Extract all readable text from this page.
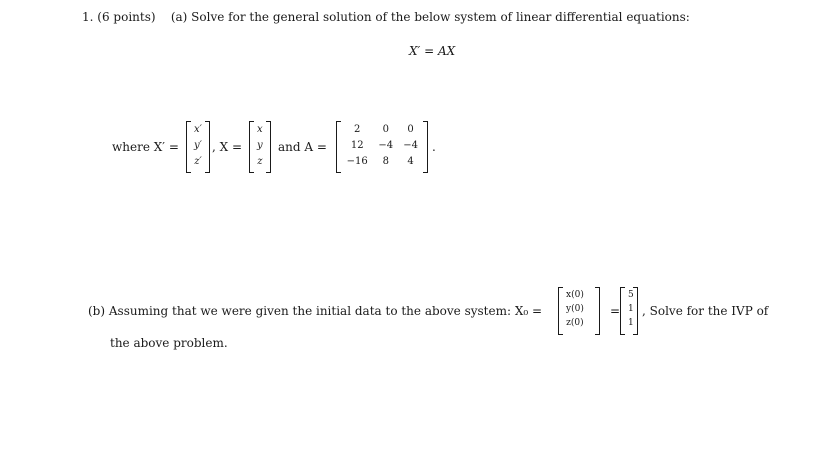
1. (6 points) (a) Solve for the general solution of the below system of linear differential equations:
X′ = AX
where X′ =
x′
y′
z′
, X =
x
y
z
and A =
2	0	0
12	−4	−4
−16	8	4
.
(b) Assuming that we were given the initial data to the above system: X₀ =
x(0)
y(0)
z(0)
=
5
1
1
, Solve for the IVP of
the above problem.
